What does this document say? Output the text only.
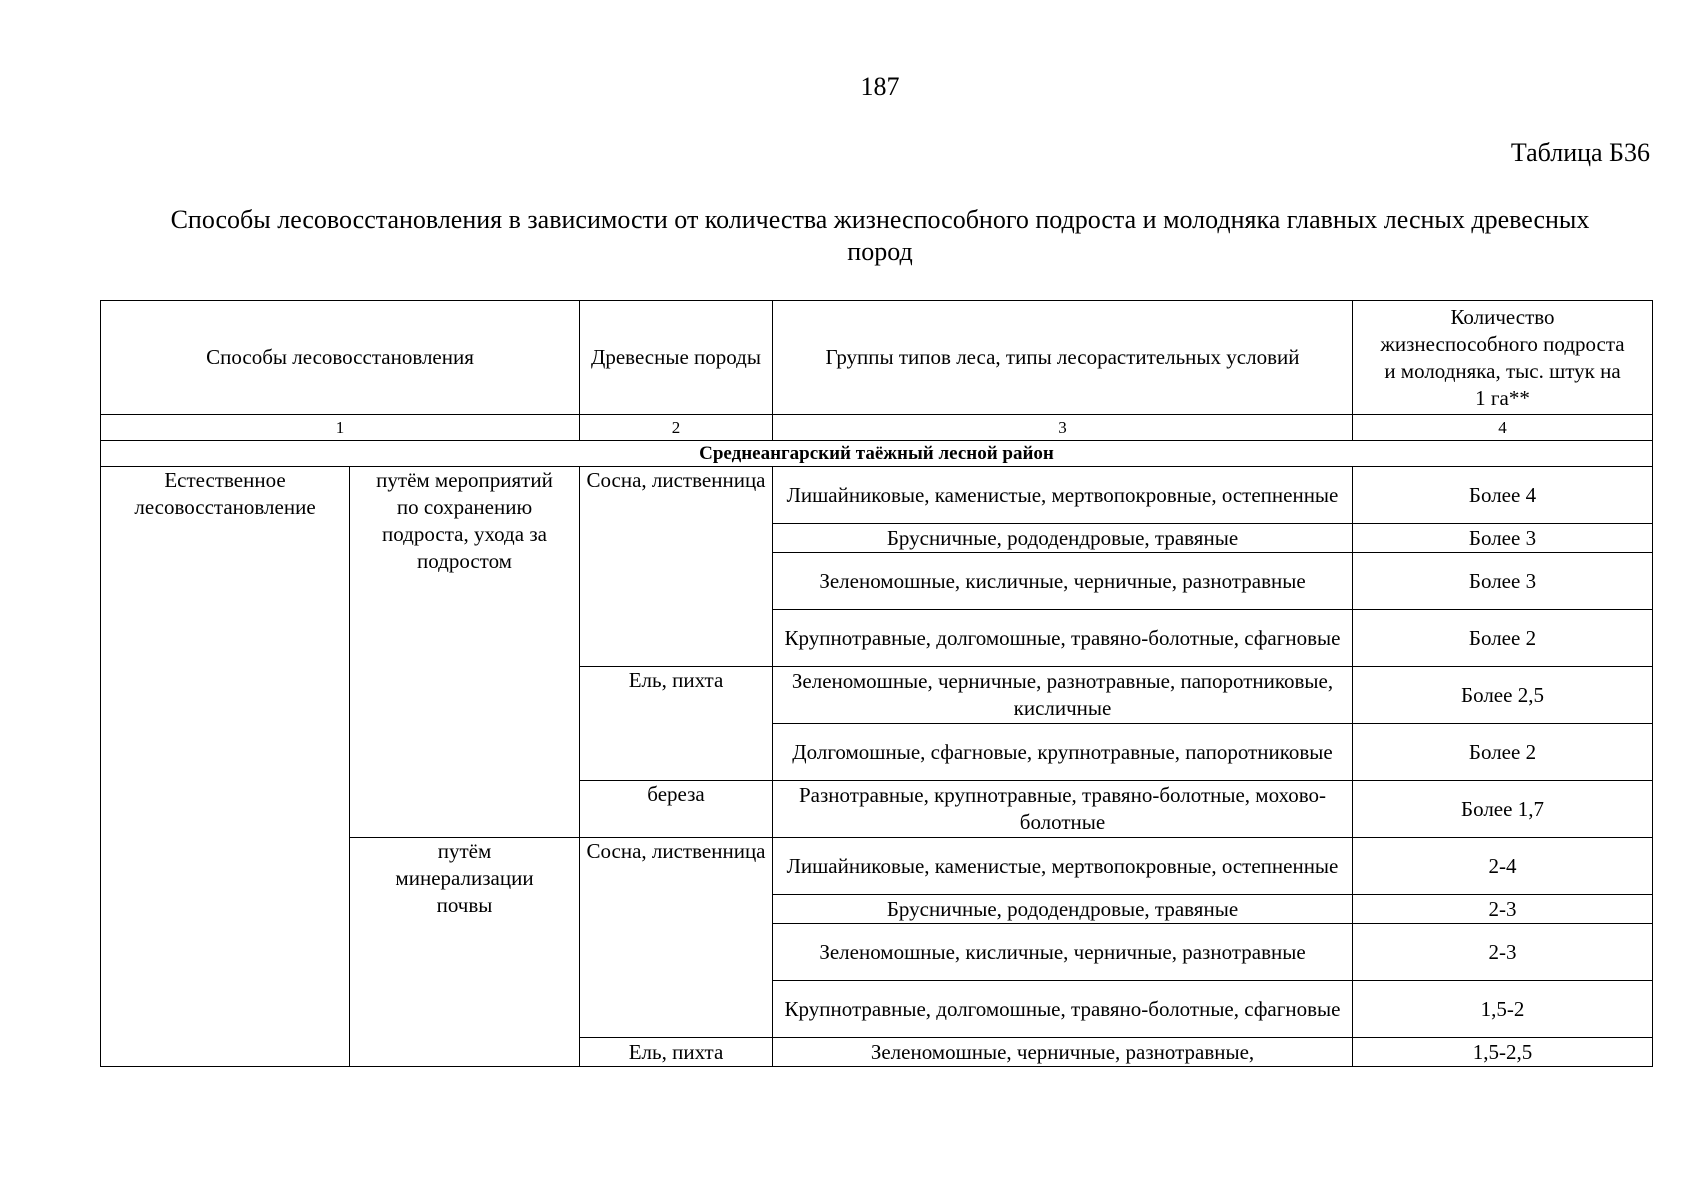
187
Таблица Б36
Способы лесовосстановления в зависимости от количества жизнеспособного подроста и молодняка главных лесных древесных пород
Способы лесовосстановления		Древесные породы	Группы типов леса, типы лесорастительных условий	Количество жизнеспособного подроста и молодняка, тыс. штук на 1 га**
1		2	3	4
Среднеангарский таёжный лесной район				
Естественное лесовосстановление	путём мероприятий по сохранению подроста, ухода за подростом	Сосна, лиственница	Лишайниковые, каменистые, мертвопокровные, остепненные	Более 4
			Брусничные, рододендровые, травяные	Более 3
			Зеленомошные, кисличные, черничные, разнотравные	Более 3
			Крупнотравные, долгомошные, травяно-болотные, сфагновые	Более 2
		Ель, пихта	Зеленомошные, черничные, разнотравные, папоротниковые, кисличные	Более 2,5
			Долгомошные, сфагновые, крупнотравные, папоротниковые	Более 2
		береза	Разнотравные, крупнотравные, травяно-болотные, мохово-болотные	Более 1,7
	путём минерализации почвы	Сосна, лиственница	Лишайниковые, каменистые, мертвопокровные, остепненные	2-4
			Брусничные, рододендровые, травяные	2-3
			Зеленомошные, кисличные, черничные, разнотравные	2-3
			Крупнотравные, долгомошные, травяно-болотные, сфагновые	1,5-2
		Ель, пихта	Зеленомошные, черничные, разнотравные,	1,5-2,5
